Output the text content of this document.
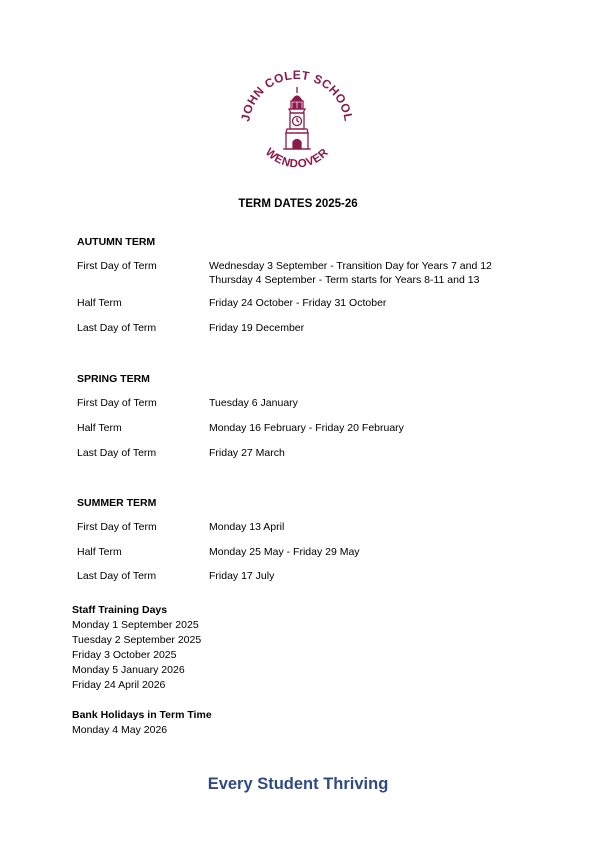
JOHN COLET SCHOOL
WENDOVER
TERM DATES 2025-26
AUTUMN TERM
First Day of Term	Wednesday 3 September - Transition Day for Years 7 and 12
Thursday 4 September - Term starts for Years 8-11 and 13
Half Term	Friday 24 October - Friday 31 October
Last Day of Term	Friday 19 December
SPRING TERM
First Day of Term	Tuesday 6 January
Half Term	Monday 16 February - Friday 20 February
Last Day of Term	Friday 27 March
SUMMER TERM
First Day of Term	Monday 13 April
Half Term	Monday 25 May - Friday 29 May
Last Day of Term	Friday 17 July
Staff Training Days
Monday 1 September 2025
Tuesday 2 September 2025
Friday 3 October 2025
Monday 5 January 2026
Friday 24 April 2026
Bank Holidays in Term Time
Monday 4 May 2026
Every Student Thriving
